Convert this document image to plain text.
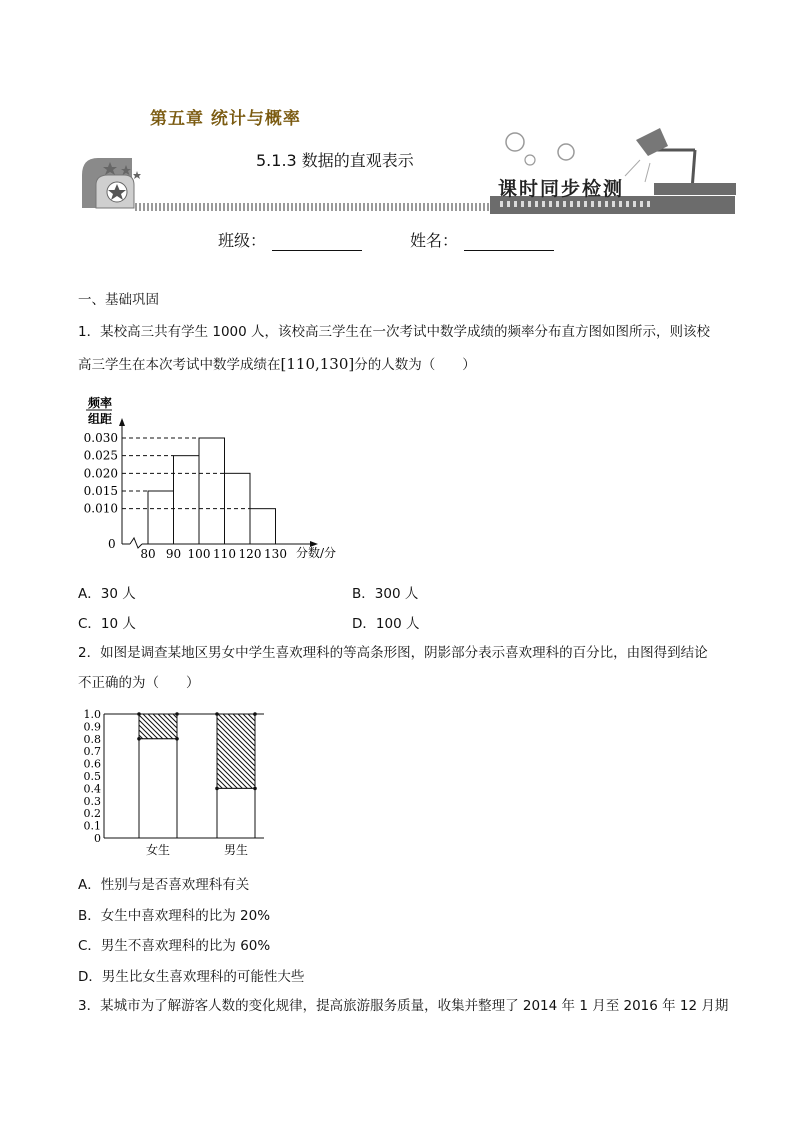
第五章 统计与概率
5.1.3 数据的直观表示
课时同步检测
班级：	姓名：
一、基础巩固
1．某校高三共有学生 1000 人，该校高三学生在一次考试中数学成绩的频率分布直方图如图所示，则该校
高三学生在本次考试中数学成绩在[110,130]分的人数为（　　）
频率
组距
0.010
0.015
0.020
0.025
0.030
80 90 100 110 120 130 分数/分
0
A．30 人	B．300 人
C．10 人	D．100 人
2．如图是调查某地区男女中学生喜欢理科的等高条形图，阴影部分表示喜欢理科的百分比，由图得到结论
不正确的为（　　）
0
0.1
0.2
0.3
0.4
0.5
0.6
0.7
0.8
0.9
1.0
女生	男生
A．性别与是否喜欢理科有关
B．女生中喜欢理科的比为 20%
C．男生不喜欢理科的比为 60%
D．男生比女生喜欢理科的可能性大些
3．某城市为了解游客人数的变化规律，提高旅游服务质量，收集并整理了 2014 年 1 月至 2016 年 12 月期
